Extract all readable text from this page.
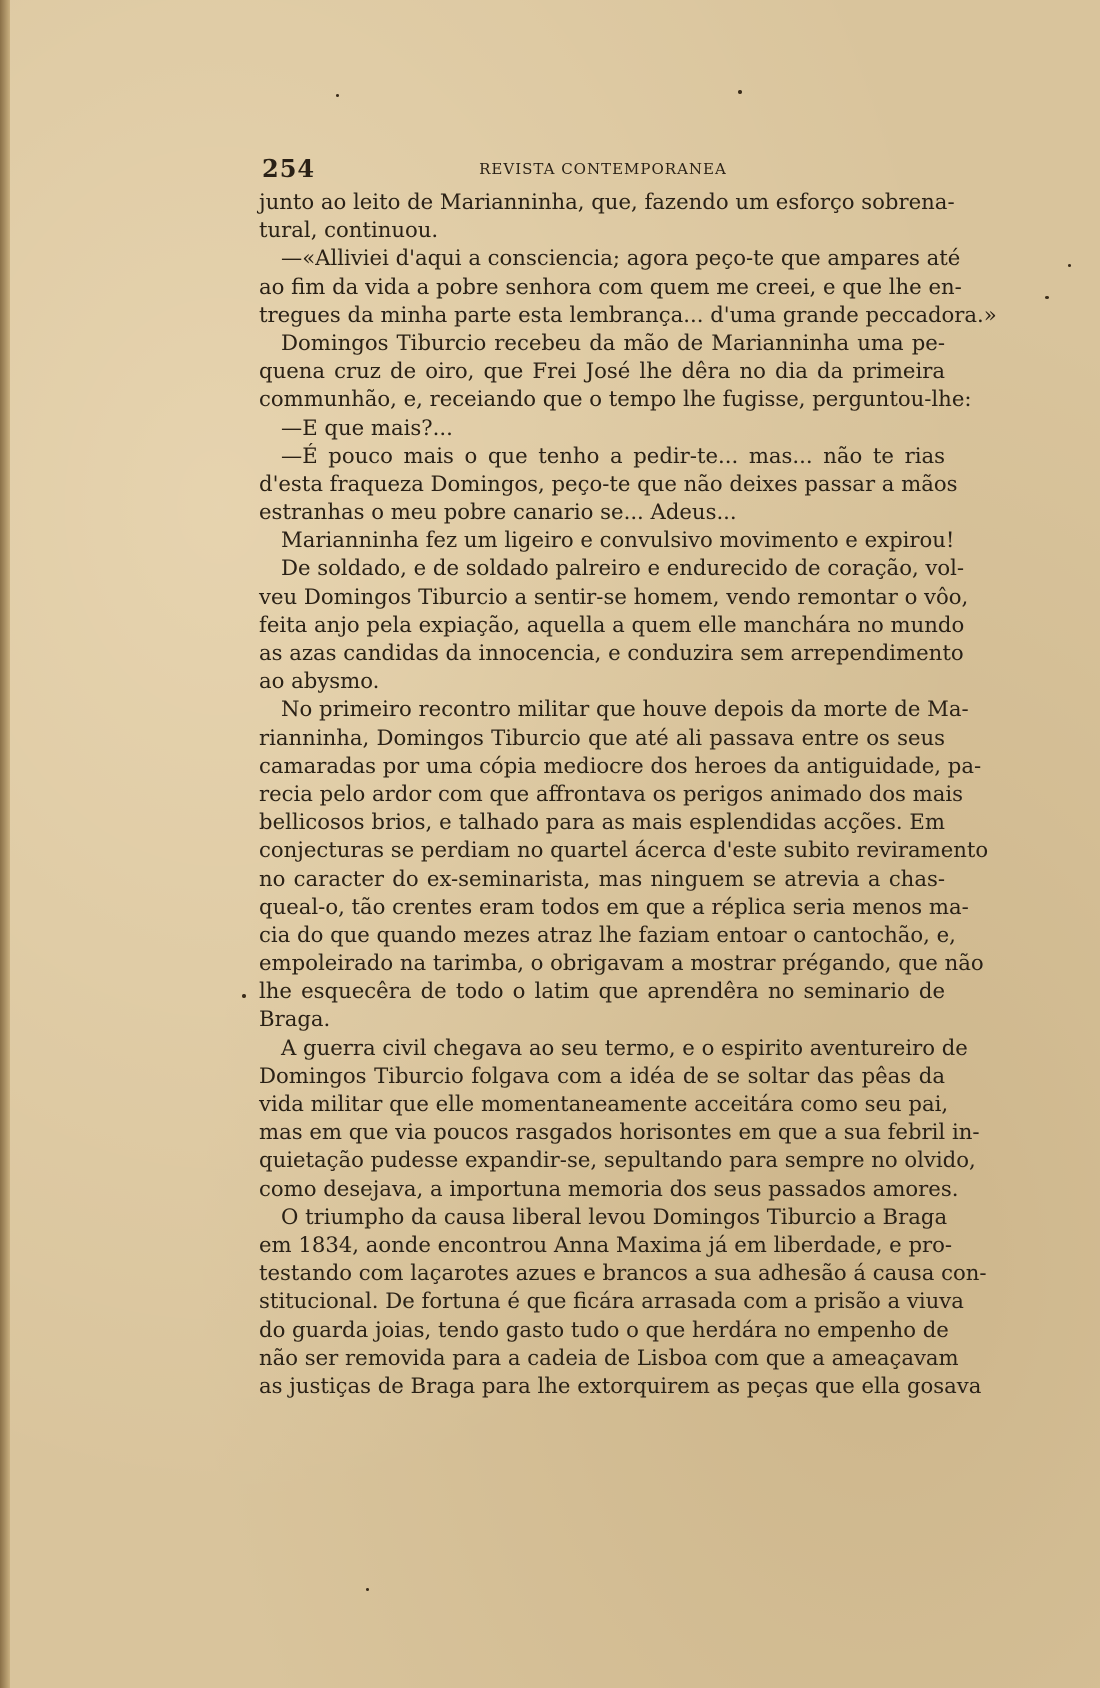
254	REVISTA CONTEMPORANEA
junto ao leito de Marianninha, que, fazendo um esforço sobrena-
tural, continuou.
—«Alliviei d'aqui a consciencia; agora peço-te que ampares até
ao fim da vida a pobre senhora com quem me creei, e que lhe en-
tregues da minha parte esta lembrança... d'uma grande peccadora.»
Domingos Tiburcio recebeu da mão de Marianninha uma pe-
quena cruz de oiro, que Frei José lhe dêra no dia da primeira
communhão, e, receiando que o tempo lhe fugisse, perguntou-lhe:
—E que mais?...
—É pouco mais o que tenho a pedir-te... mas... não te rias
d'esta fraqueza Domingos, peço-te que não deixes passar a mãos
estranhas o meu pobre canario se... Adeus...
Marianninha fez um ligeiro e convulsivo movimento e expirou!
De soldado, e de soldado palreiro e endurecido de coração, vol-
veu Domingos Tiburcio a sentir-se homem, vendo remontar o vôo,
feita anjo pela expiação, aquella a quem elle manchára no mundo
as azas candidas da innocencia, e conduzira sem arrependimento
ao abysmo.
No primeiro recontro militar que houve depois da morte de Ma-
rianninha, Domingos Tiburcio que até ali passava entre os seus
camaradas por uma cópia mediocre dos heroes da antiguidade, pa-
recia pelo ardor com que affrontava os perigos animado dos mais
bellicosos brios, e talhado para as mais esplendidas acções. Em
conjecturas se perdiam no quartel ácerca d'este subito reviramento
no caracter do ex-seminarista, mas ninguem se atrevia a chas-
queal-o, tão crentes eram todos em que a réplica seria menos ma-
cia do que quando mezes atraz lhe faziam entoar o cantochão, e,
empoleirado na tarimba, o obrigavam a mostrar prégando, que não
lhe esquecêra de todo o latim que aprendêra no seminario de
Braga.
A guerra civil chegava ao seu termo, e o espirito aventureiro de
Domingos Tiburcio folgava com a idéa de se soltar das pêas da
vida militar que elle momentaneamente acceitára como seu pai,
mas em que via poucos rasgados horisontes em que a sua febril in-
quietação pudesse expandir-se, sepultando para sempre no olvido,
como desejava, a importuna memoria dos seus passados amores.
O triumpho da causa liberal levou Domingos Tiburcio a Braga
em 1834, aonde encontrou Anna Maxima já em liberdade, e pro-
testando com laçarotes azues e brancos a sua adhesão á causa con-
stitucional. De fortuna é que ficára arrasada com a prisão a viuva
do guarda joias, tendo gasto tudo o que herdára no empenho de
não ser removida para a cadeia de Lisboa com que a ameaçavam
as justiças de Braga para lhe extorquirem as peças que ella gosava
